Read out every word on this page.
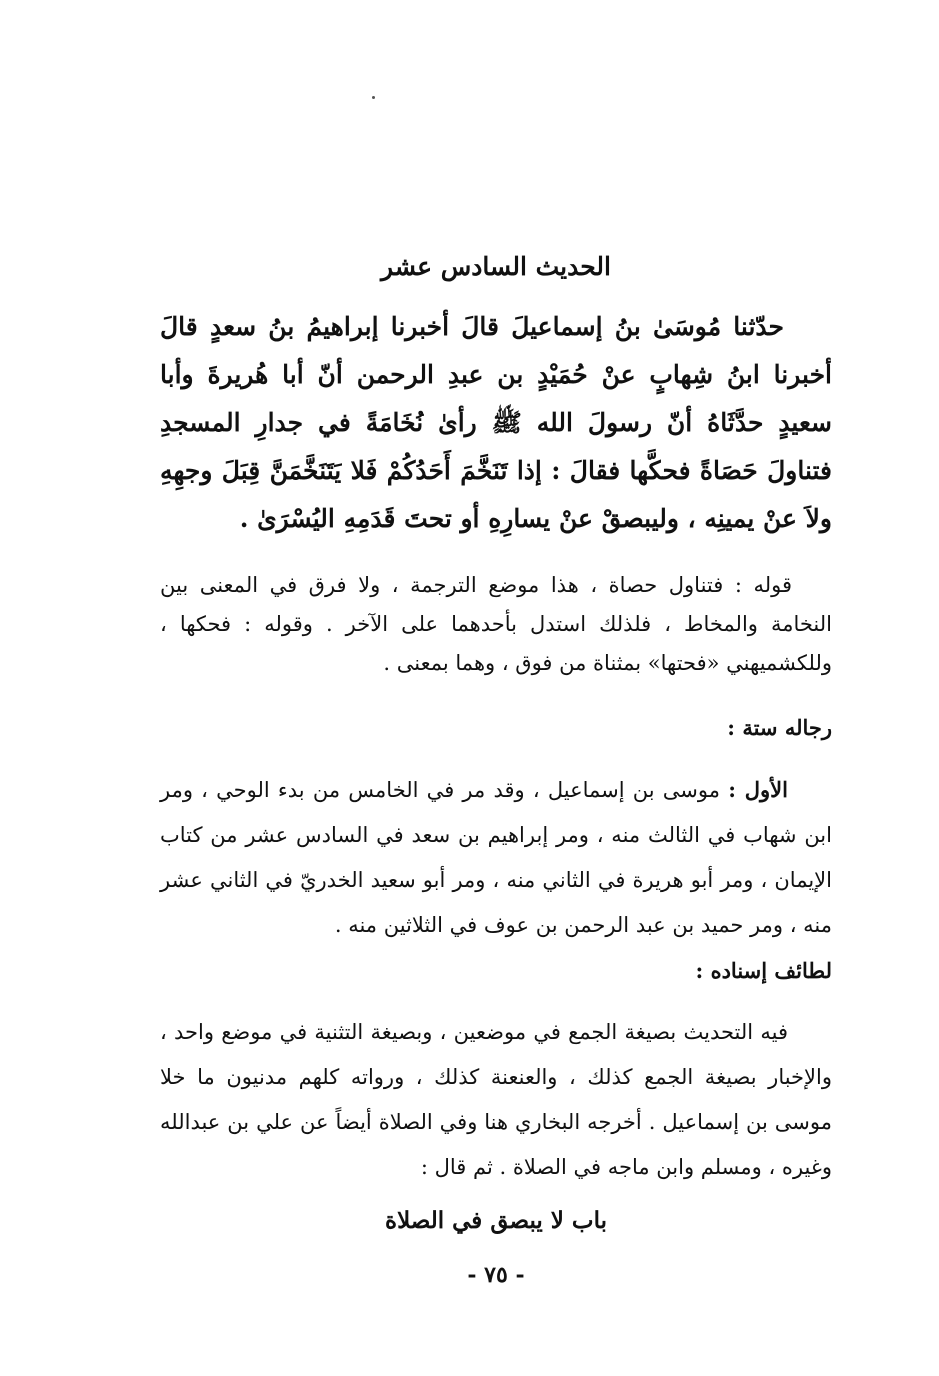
الحديث السادس عشر

حدّثنا مُوسَىٰ بنُ إسماعيلَ قالَ أخبرنا إبراهيمُ بنُ سعدٍ قالَ أخبرنا ابنُ شِهابٍ عنْ حُمَيْدٍ بن عبدِ الرحمن أنّ أبا هُريرةَ وأبا سعيدٍ حدَّثَاهُ أنّ رسولَ الله ﷺ رأىٰ نُخَامَةً في جدارِ المسجدِ فتناولَ حَصَاةً فحكَّها فقالَ : إذا تَنَخَّمَ أَحَدُكُمْ فَلا يَتَنَخَّمَنَّ قِبَلَ وجهِهِ ولاَ عنْ يمينِه ، وليبصقْ عنْ يسارِهِ أو تحتَ قَدَمِهِ اليُسْرَىٰ .

قوله : فتناول حصاة ، هذا موضع الترجمة ، ولا فرق في المعنى بين النخامة والمخاط ، فلذلك استدل بأحدهما على الآخر . وقوله : فحكها ، وللكشميهني «فحتها» بمثناة من فوق ، وهما بمعنى .

رجاله ستة :

الأول : موسى بن إسماعيل ، وقد مر في الخامس من بدء الوحي ، ومر ابن شهاب في الثالث منه ، ومر إبراهيم بن سعد في السادس عشر من كتاب الإيمان ، ومر أبو هريرة في الثاني منه ، ومر أبو سعيد الخدريّ في الثاني عشر منه ، ومر حميد بن عبد الرحمن بن عوف في الثلاثين منه .

لطائف إسناده :

فيه التحديث بصيغة الجمع في موضعين ، وبصيغة التثنية في موضع واحد ، والإخبار بصيغة الجمع كذلك ، والعنعنة كذلك ، ورواته كلهم مدنيون ما خلا موسى بن إسماعيل . أخرجه البخاري هنا وفي الصلاة أيضاً عن علي بن عبدالله وغيره ، ومسلم وابن ماجه في الصلاة . ثم قال :

باب لا يبصق في الصلاة
- ٧٥ -
